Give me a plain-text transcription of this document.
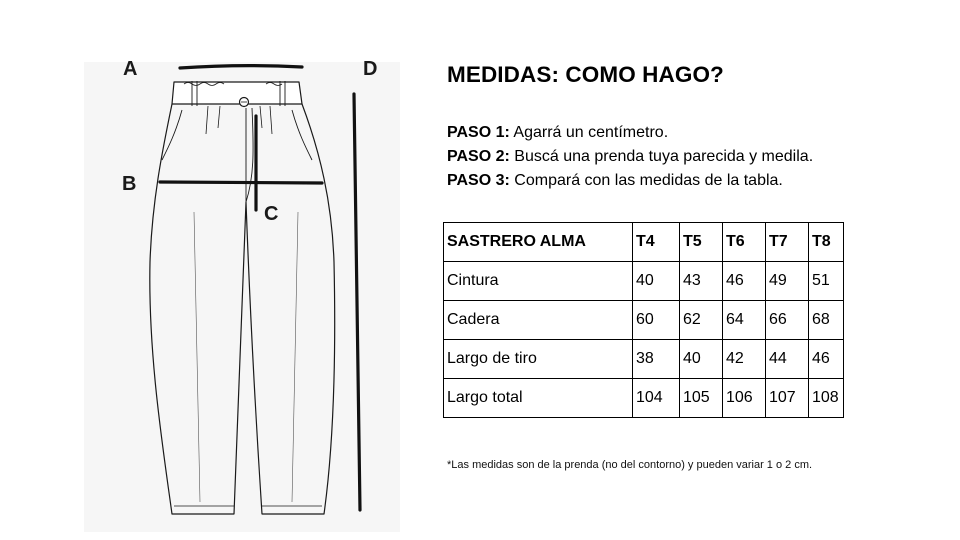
A	D
B
C
MEDIDAS: COMO HAGO?
PASO 1: Agarrá un centímetro.
PASO 2: Buscá una prenda tuya parecida y medila.
PASO 3: Compará con las medidas de la tabla.
SASTRERO ALMA	T4	T5	T6	T7	T8
Cintura	40	43	46	49	51
Cadera	60	62	64	66	68
Largo de tiro	38	40	42	44	46
Largo total	104	105	106	107	108
*Las medidas son de la prenda (no del contorno) y pueden variar 1 o 2 cm.
